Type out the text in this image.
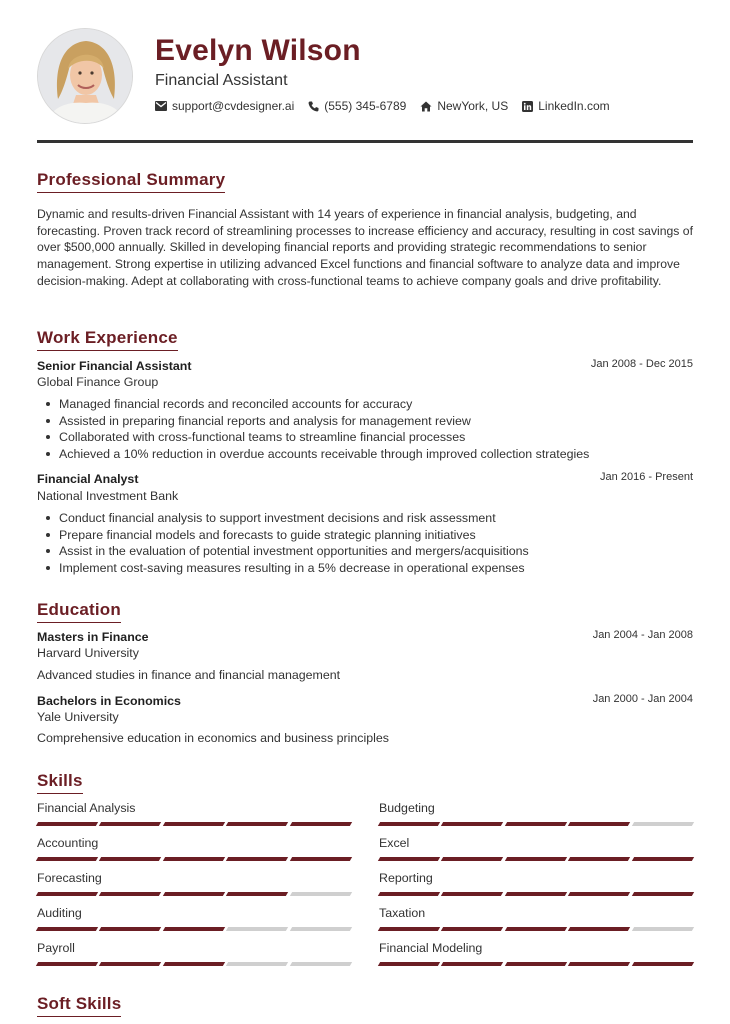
Evelyn Wilson
Financial Assistant
support@cvdesigner.ai	(555) 345-6789	NewYork, US	LinkedIn.com
Professional Summary
Dynamic and results-driven Financial Assistant with 14 years of experience in financial analysis, budgeting, and forecasting. Proven track record of streamlining processes to increase efficiency and accuracy, resulting in cost savings of over $500,000 annually. Skilled in developing financial reports and providing strategic recommendations to senior management. Strong expertise in utilizing advanced Excel functions and financial software to analyze data and improve decision-making. Adept at collaborating with cross-functional teams to achieve company goals and drive profitability.
Work Experience
Senior Financial Assistant	Jan 2008 - Dec 2015
Global Finance Group
Managed financial records and reconciled accounts for accuracy
Assisted in preparing financial reports and analysis for management review
Collaborated with cross-functional teams to streamline financial processes
Achieved a 10% reduction in overdue accounts receivable through improved collection strategies
Financial Analyst	Jan 2016 - Present
National Investment Bank
Conduct financial analysis to support investment decisions and risk assessment
Prepare financial models and forecasts to guide strategic planning initiatives
Assist in the evaluation of potential investment opportunities and mergers/acquisitions
Implement cost-saving measures resulting in a 5% decrease in operational expenses
Education
Masters in Finance	Jan 2004 - Jan 2008
Harvard University
Advanced studies in finance and financial management
Bachelors in Economics	Jan 2000 - Jan 2004
Yale University
Comprehensive education in economics and business principles
Skills
Financial Analysis	Budgeting
Accounting	Excel
Forecasting	Reporting
Auditing	Taxation
Payroll	Financial Modeling
Soft Skills
